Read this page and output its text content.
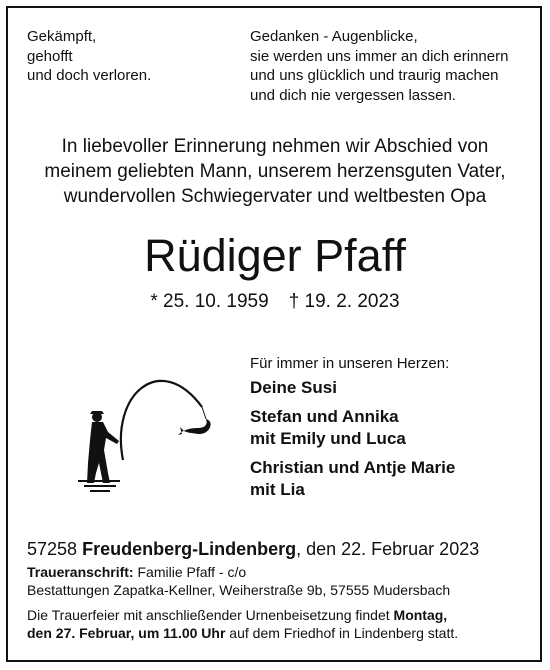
Gekämpft,
gehofft
und doch verloren.
Gedanken - Augenblicke,
sie werden uns immer an dich erinnern
und uns glücklich und traurig machen
und dich nie vergessen lassen.
In liebevoller Erinnerung nehmen wir Abschied von
meinem geliebten Mann, unserem herzensguten Vater,
wundervollen Schwiegervater und weltbesten Opa
Rüdiger Pfaff
* 25. 10. 1959 † 19. 2. 2023
Für immer in unseren Herzen:
Deine Susi
Stefan und Annika
mit Emily und Luca
Christian und Antje Marie
mit Lia
57258 Freudenberg-Lindenberg, den 22. Februar 2023
Traueranschrift: Familie Pfaff - c/o
Bestattungen Zapatka-Kellner, Weiherstraße 9b, 57555 Mudersbach
Die Trauerfeier mit anschließender Urnenbeisetzung findet Montag,
den 27. Februar, um 11.00 Uhr auf dem Friedhof in Lindenberg statt.
